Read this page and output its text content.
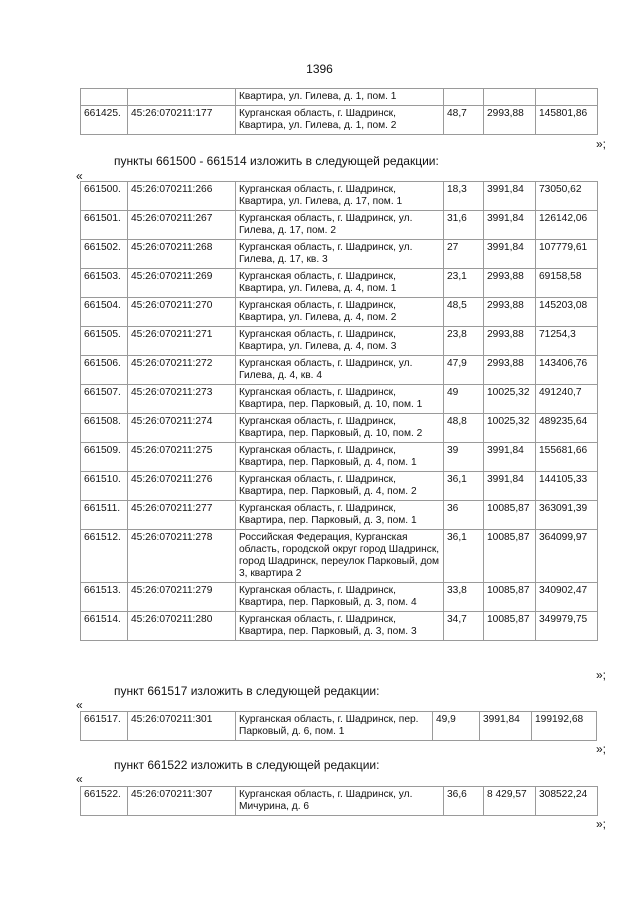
1396
		Квартира, ул. Гилева, д. 1, пом. 1			
661425.	45:26:070211:177	Курганская область, г. Шадринск, Квартира, ул. Гилева, д. 1, пом. 2	48,7	2993,88	145801,86
»;
пункты 661500 - 661514 изложить в следующей редакции:
«
661500.	45:26:070211:266	Курганская область, г. Шадринск, Квартира, ул. Гилева, д. 17, пом. 1	18,3	3991,84	73050,62
661501.	45:26:070211:267	Курганская область, г. Шадринск, ул. Гилева, д. 17, пом. 2	31,6	3991,84	126142,06
661502.	45:26:070211:268	Курганская область, г. Шадринск, ул. Гилева, д. 17, кв. 3	27	3991,84	107779,61
661503.	45:26:070211:269	Курганская область, г. Шадринск, Квартира, ул. Гилева, д. 4, пом. 1	23,1	2993,88	69158,58
661504.	45:26:070211:270	Курганская область, г. Шадринск, Квартира, ул. Гилева, д. 4, пом. 2	48,5	2993,88	145203,08
661505.	45:26:070211:271	Курганская область, г. Шадринск, Квартира, ул. Гилева, д. 4, пом. 3	23,8	2993,88	71254,3
661506.	45:26:070211:272	Курганская область, г. Шадринск, ул. Гилева, д. 4, кв. 4	47,9	2993,88	143406,76
661507.	45:26:070211:273	Курганская область, г. Шадринск, Квартира, пер. Парковый, д. 10, пом. 1	49	10025,32	491240,7
661508.	45:26:070211:274	Курганская область, г. Шадринск, Квартира, пер. Парковый, д. 10, пом. 2	48,8	10025,32	489235,64
661509.	45:26:070211:275	Курганская область, г. Шадринск, Квартира, пер. Парковый, д. 4, пом. 1	39	3991,84	155681,66
661510.	45:26:070211:276	Курганская область, г. Шадринск, Квартира, пер. Парковый, д. 4, пом. 2	36,1	3991,84	144105,33
661511.	45:26:070211:277	Курганская область, г. Шадринск, Квартира, пер. Парковый, д. 3, пом. 1	36	10085,87	363091,39
661512.	45:26:070211:278	Российская Федерация, Курганская область, городской округ город Шадринск, город Шадринск, переулок Парковый, дом 3, квартира 2	36,1	10085,87	364099,97
661513.	45:26:070211:279	Курганская область, г. Шадринск, Квартира, пер. Парковый, д. 3, пом. 4	33,8	10085,87	340902,47
661514.	45:26:070211:280	Курганская область, г. Шадринск, Квартира, пер. Парковый, д. 3, пом. 3	34,7	10085,87	349979,75
»;
пункт 661517 изложить в следующей редакции:
«
661517.	45:26:070211:301	Курганская область, г. Шадринск, пер. Парковый, д. 6, пом. 1	49,9	3991,84	199192,68
»;
пункт 661522 изложить в следующей редакции:
«
661522.	45:26:070211:307	Курганская область, г. Шадринск, ул. Мичурина, д. 6	36,6	8 429,57	308522,24
»;
